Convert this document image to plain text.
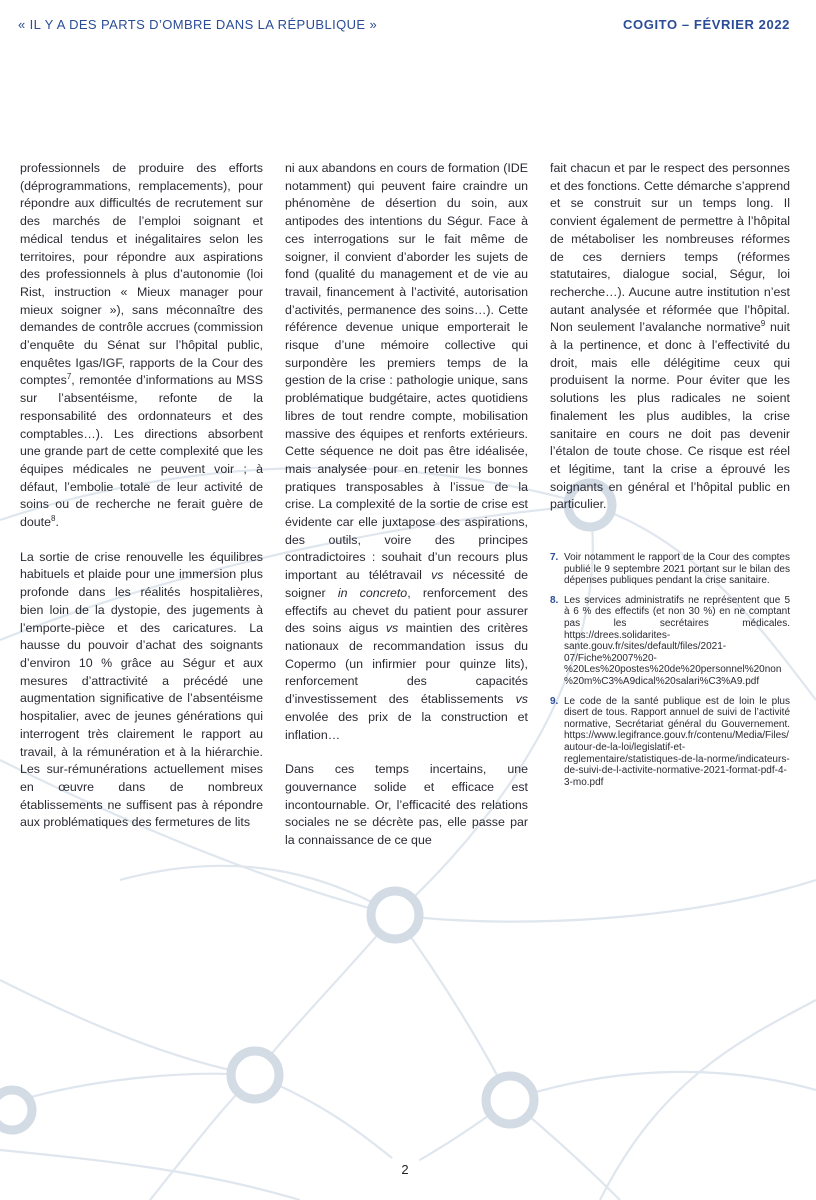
« IL Y A DES PARTS D’OMBRE DANS LA RÉPUBLIQUE »	COGITO – FÉVRIER 2022

professionnels de produire des efforts (déprogrammations, remplacements), pour répondre aux difficultés de recrutement sur des marchés de l’emploi soignant et médical tendus et inégalitaires selon les territoires, pour répondre aux aspirations des professionnels à plus d’autonomie (loi Rist, instruction « Mieux manager pour mieux soigner »), sans méconnaître des demandes de contrôle accrues (commission d’enquête du Sénat sur l’hôpital public, enquêtes Igas/IGF, rapports de la Cour des comptes$^7$, remontée d’informations au MSS sur l’absentéisme, refonte de la responsabilité des ordonnateurs et des comptables…). Les directions absorbent une grande part de cette complexité que les équipes médicales ne peuvent voir ; à défaut, l’embolie totale de leur activité de soins ou de recherche ne ferait guère de doute$^8$.

La sortie de crise renouvelle les équilibres habituels et plaide pour une immersion plus profonde dans les réalités hospitalières, bien loin de la dystopie, des jugements à l’emporte-pièce et des caricatures. La hausse du pouvoir d’achat des soignants d’environ 10 % grâce au Ségur et aux mesures d’attractivité a précédé une augmentation significative de l’absentéisme hospitalier, avec de jeunes générations qui interrogent très clairement le rapport au travail, à la rémunération et à la hiérarchie. Les sur-rémunérations actuellement mises en œuvre dans de nombreux établissements ne suffisent pas à répondre aux problématiques des fermetures de lits

ni aux abandons en cours de formation (IDE notamment) qui peuvent faire craindre un phénomène de désertion du soin, aux antipodes des intentions du Ségur. Face à ces interrogations sur le fait même de soigner, il convient d’aborder les sujets de fond (qualité du management et de vie au travail, financement à l’activité, autorisation d’activités, permanence des soins…). Cette référence devenue unique emporterait le risque d’une mémoire collective qui surpondère les premiers temps de la gestion de la crise : pathologie unique, sans problématique budgétaire, actes quotidiens libres de tout rendre compte, mobilisation massive des équipes et renforts extérieurs. Cette séquence ne doit pas être idéalisée, mais analysée pour en retenir les bonnes pratiques transposables à l’issue de la crise. La complexité de la sortie de crise est évidente car elle juxtapose des aspirations, des outils, voire des principes contradictoires : souhait d’un recours plus important au télétravail vs nécessité de soigner in concreto, renforcement des effectifs au chevet du patient pour assurer des soins aigus vs maintien des critères nationaux de recommandation issus du Copermo (un infirmier pour quinze lits), renforcement des capacités d’investissement des établissements vs envolée des prix de la construction et inflation…

Dans ces temps incertains, une gouvernance solide et efficace est incontournable. Or, l’efficacité des relations sociales ne se décrète pas, elle passe par la connaissance de ce que

fait chacun et par le respect des personnes et des fonctions. Cette démarche s’apprend et se construit sur un temps long. Il convient également de permettre à l’hôpital de métaboliser les nombreuses réformes de ces derniers temps (réformes statutaires, dialogue social, Ségur, loi recherche…). Aucune autre institution n’est autant analysée et réformée que l’hôpital. Non seulement l’avalanche normative$^9$ nuit à la pertinence, et donc à l’effectivité du droit, mais elle délégitime ceux qui produisent la norme. Pour éviter que les solutions les plus radicales ne soient finalement les plus audibles, la crise sanitaire en cours ne doit pas devenir l’étalon de toute chose. Ce risque est réel et légitime, tant la crise a éprouvé les soignants en général et l’hôpital public en particulier.

7. Voir notamment le rapport de la Cour des comptes publié le 9 septembre 2021 portant sur le bilan des dépenses publiques pendant la crise sanitaire.
8. Les services administratifs ne représentent que 5 à 6 % des effectifs (et non 30 %) en ne comptant pas les secrétaires médicales. https://drees.solidarites-sante.gouv.fr/sites/default/files/2021-07/Fiche%2007%20-%20Les%20postes%20de%20personnel%20non%20m%C3%A9dical%20salari%C3%A9.pdf
9. Le code de la santé publique est de loin le plus disert de tous. Rapport annuel de suivi de l’activité normative, Secrétariat général du Gouvernement. https://www.legifrance.gouv.fr/contenu/Media/Files/autour-de-la-loi/legislatif-et-reglementaire/statistiques-de-la-norme/indicateurs-de-suivi-de-l-activite-normative-2021-format-pdf-4-3-mo.pdf
2
